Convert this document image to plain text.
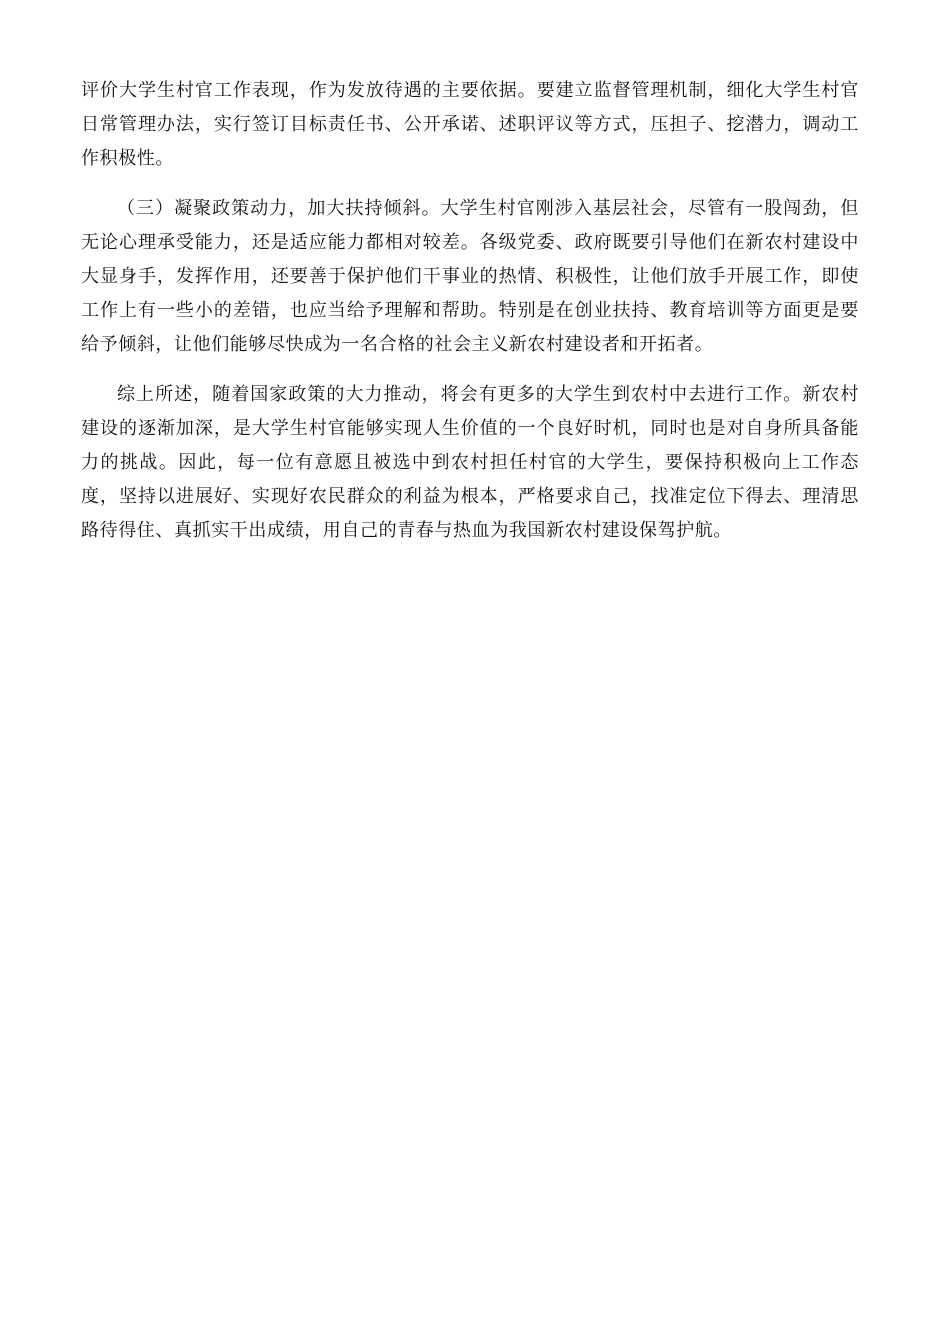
评价大学生村官工作表现，作为发放待遇的主要依据。要建立监督管理机制，细化大学生村官日常管理办法，实行签订目标责任书、公开承诺、述职评议等方式，压担子、挖潜力，调动工作积极性。

（三）凝聚政策动力，加大扶持倾斜。大学生村官刚涉入基层社会，尽管有一股闯劲，但无论心理承受能力，还是适应能力都相对较差。各级党委、政府既要引导他们在新农村建设中大显身手，发挥作用，还要善于保护他们干事业的热情、积极性，让他们放手开展工作，即使工作上有一些小的差错，也应当给予理解和帮助。特别是在创业扶持、教育培训等方面更是要给予倾斜，让他们能够尽快成为一名合格的社会主义新农村建设者和开拓者。

综上所述，随着国家政策的大力推动，将会有更多的大学生到农村中去进行工作。新农村建设的逐渐加深，是大学生村官能够实现人生价值的一个良好时机，同时也是对自身所具备能力的挑战。因此，每一位有意愿且被选中到农村担任村官的大学生，要保持积极向上工作态度，坚持以进展好、实现好农民群众的利益为根本，严格要求自己，找准定位下得去、理清思路待得住、真抓实干出成绩，用自己的青春与热血为我国新农村建设保驾护航。
